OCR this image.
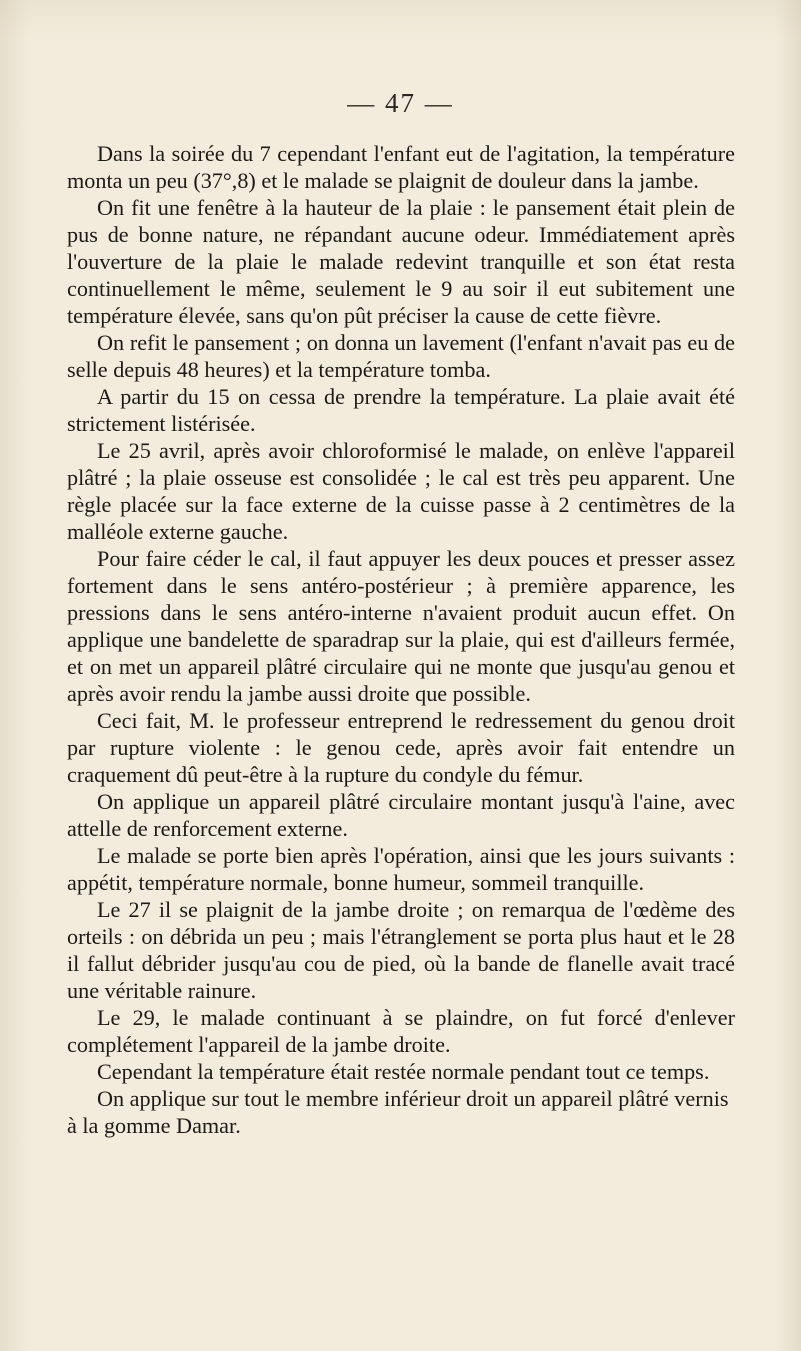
— 47 —

Dans la soirée du 7 cependant l'enfant eut de l'agitation, la température monta un peu (37°,8) et le malade se plaignit de douleur dans la jambe.

On fit une fenêtre à la hauteur de la plaie : le pansement était plein de pus de bonne nature, ne répandant aucune odeur. Immédiatement après l'ouverture de la plaie le malade redevint tranquille et son état resta continuellement le même, seulement le 9 au soir il eut subitement une température élevée, sans qu'on pût préciser la cause de cette fièvre.

On refit le pansement ; on donna un lavement (l'enfant n'avait pas eu de selle depuis 48 heures) et la température tomba.

A partir du 15 on cessa de prendre la température. La plaie avait été strictement listérisée.

Le 25 avril, après avoir chloroformisé le malade, on enlève l'appareil plâtré ; la plaie osseuse est consolidée ; le cal est très peu apparent. Une règle placée sur la face externe de la cuisse passe à 2 centimètres de la malléole externe gauche.

Pour faire céder le cal, il faut appuyer les deux pouces et presser assez fortement dans le sens antéro-postérieur ; à première apparence, les pressions dans le sens antéro-interne n'avaient produit aucun effet. On applique une bandelette de sparadrap sur la plaie, qui est d'ailleurs fermée, et on met un appareil plâtré circulaire qui ne monte que jusqu'au genou et après avoir rendu la jambe aussi droite que possible.

Ceci fait, M. le professeur entreprend le redressement du genou droit par rupture violente : le genou cede, après avoir fait entendre un craquement dû peut-être à la rupture du condyle du fémur.

On applique un appareil plâtré circulaire montant jusqu'à l'aine, avec attelle de renforcement externe.

Le malade se porte bien après l'opération, ainsi que les jours suivants : appétit, température normale, bonne humeur, sommeil tranquille.

Le 27 il se plaignit de la jambe droite ; on remarqua de l'œdème des orteils : on débrida un peu ; mais l'étranglement se porta plus haut et le 28 il fallut débrider jusqu'au cou de pied, où la bande de flanelle avait tracé une véritable rainure.

Le 29, le malade continuant à se plaindre, on fut forcé d'enlever complétement l'appareil de la jambe droite.

Cependant la température était restée normale pendant tout ce temps.

On applique sur tout le membre inférieur droit un appareil plâtré vernis à la gomme Damar.
